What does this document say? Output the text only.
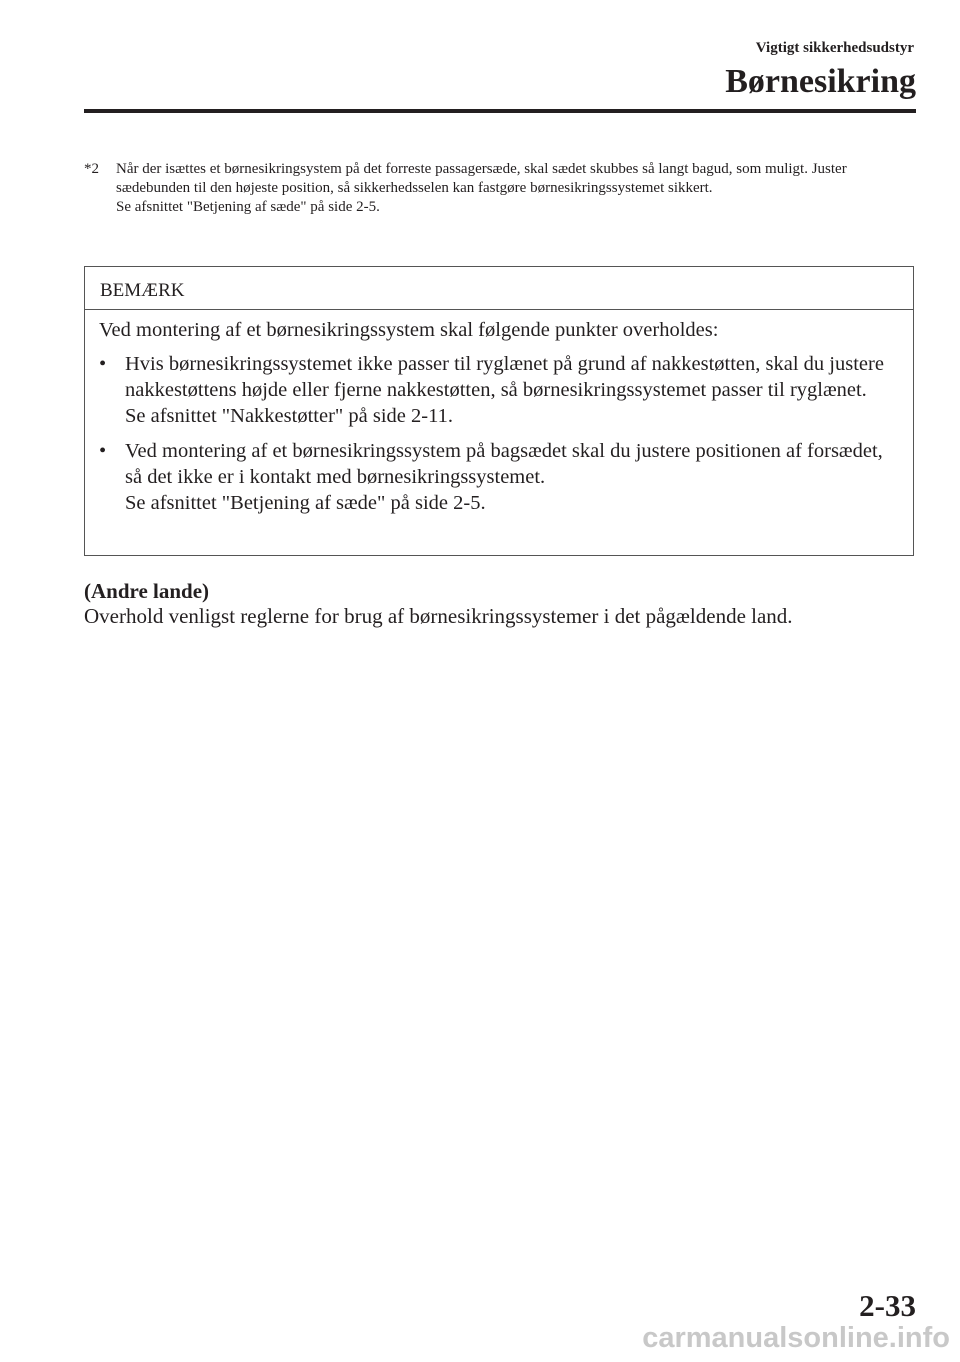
Vigtigt sikkerhedsudstyr
Børnesikring
*2 Når der isættes et børnesikringsystem på det forreste passagersæde, skal sædet skubbes så langt bagud, som muligt. Juster sædebunden til den højeste position, så sikkerhedsselen kan fastgøre børnesikringssystemet sikkert.
Se afsnittet "Betjening af sæde" på side 2-5.
BEMÆRK

Ved montering af et børnesikringssystem skal følgende punkter overholdes:

• Hvis børnesikringssystemet ikke passer til ryglænet på grund af nakkestøtten, skal du justere nakkestøttens højde eller fjerne nakkestøtten, så børnesikringssystemet passer til ryglænet.
Se afsnittet "Nakkestøtter" på side 2-11.
• Ved montering af et børnesikringssystem på bagsædet skal du justere positionen af forsædet, så det ikke er i kontakt med børnesikringssystemet.
Se afsnittet "Betjening af sæde" på side 2-5.
(Andre lande)
Overhold venligst reglerne for brug af børnesikringssystemer i det pågældende land.
2-33
carmanualsonline.info
